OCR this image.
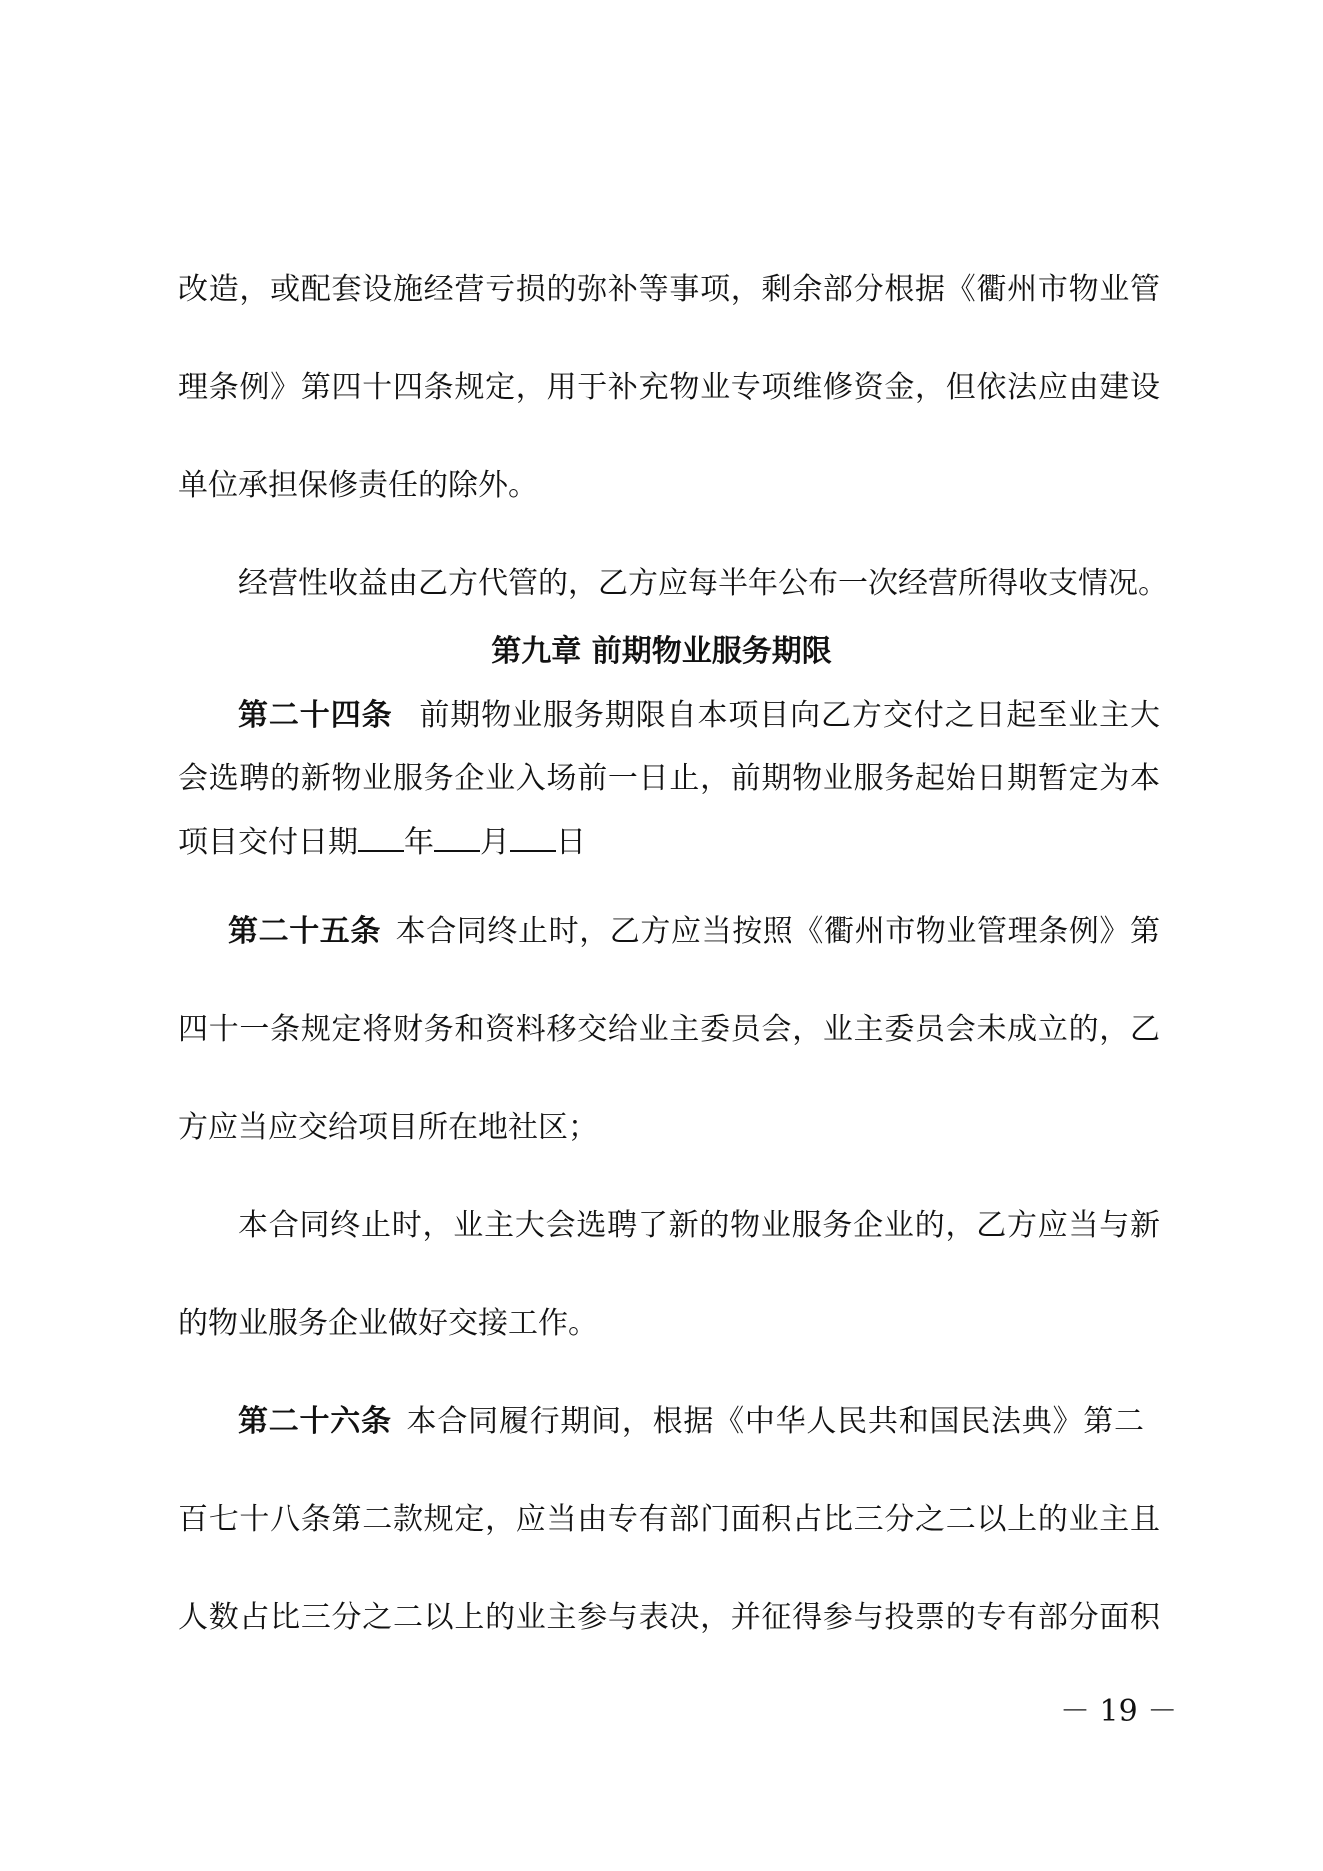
改造，或配套设施经营亏损的弥补等事项，剩余部分根据《衢州市物业管
理条例》第四十四条规定，用于补充物业专项维修资金，但依法应由建设
单位承担保修责任的除外。
经营性收益由乙方代管的，乙方应每半年公布一次经营所得收支情况。
第九章 前期物业服务期限
第二十四条 前期物业服务期限自本项目向乙方交付之日起至业主大
会选聘的新物业服务企业入场前一日止，前期物业服务起始日期暂定为本
项目交付日期 年 月 日
第二十五条 本合同终止时，乙方应当按照《衢州市物业管理条例》第
四十一条规定将财务和资料移交给业主委员会，业主委员会未成立的，乙
方应当应交给项目所在地社区；
本合同终止时，业主大会选聘了新的物业服务企业的，乙方应当与新
的物业服务企业做好交接工作。
第二十六条 本合同履行期间，根据《中华人民共和国民法典》第二
百七十八条第二款规定，应当由专有部门面积占比三分之二以上的业主且
人数占比三分之二以上的业主参与表决，并征得参与投票的专有部分面积
－ 19 －
